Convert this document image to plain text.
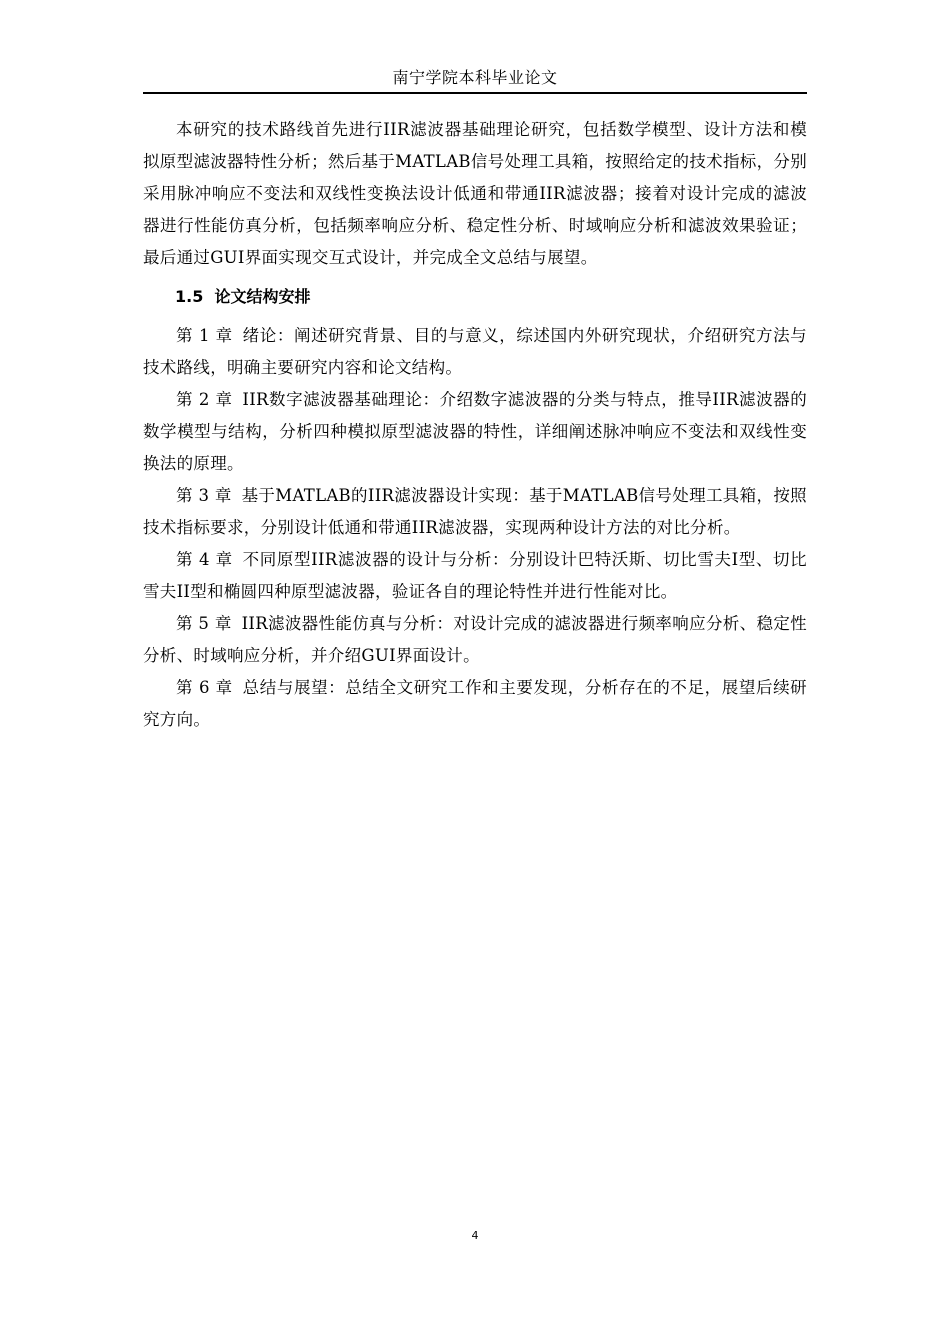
南宁学院本科毕业论文

本研究的技术路线首先进行IIR滤波器基础理论研究，包括数学模型、设计方法和模拟原型滤波器特性分析；然后基于MATLAB信号处理工具箱，按照给定的技术指标，分别采用脉冲响应不变法和双线性变换法设计低通和带通IIR滤波器；接着对设计完成的滤波器进行性能仿真分析，包括频率响应分析、稳定性分析、时域响应分析和滤波效果验证；最后通过GUI界面实现交互式设计，并完成全文总结与展望。

1.5 论文结构安排

第 1 章 绪论：阐述研究背景、目的与意义，综述国内外研究现状，介绍研究方法与技术路线，明确主要研究内容和论文结构。

第 2 章 IIR数字滤波器基础理论：介绍数字滤波器的分类与特点，推导IIR滤波器的数学模型与结构，分析四种模拟原型滤波器的特性，详细阐述脉冲响应不变法和双线性变换法的原理。

第 3 章 基于MATLAB的IIR滤波器设计实现：基于MATLAB信号处理工具箱，按照技术指标要求，分别设计低通和带通IIR滤波器，实现两种设计方法的对比分析。

第 4 章 不同原型IIR滤波器的设计与分析：分别设计巴特沃斯、切比雪夫I型、切比雪夫II型和椭圆四种原型滤波器，验证各自的理论特性并进行性能对比。

第 5 章 IIR滤波器性能仿真与分析：对设计完成的滤波器进行频率响应分析、稳定性分析、时域响应分析，并介绍GUI界面设计。

第 6 章 总结与展望：总结全文研究工作和主要发现，分析存在的不足，展望后续研究方向。

4
